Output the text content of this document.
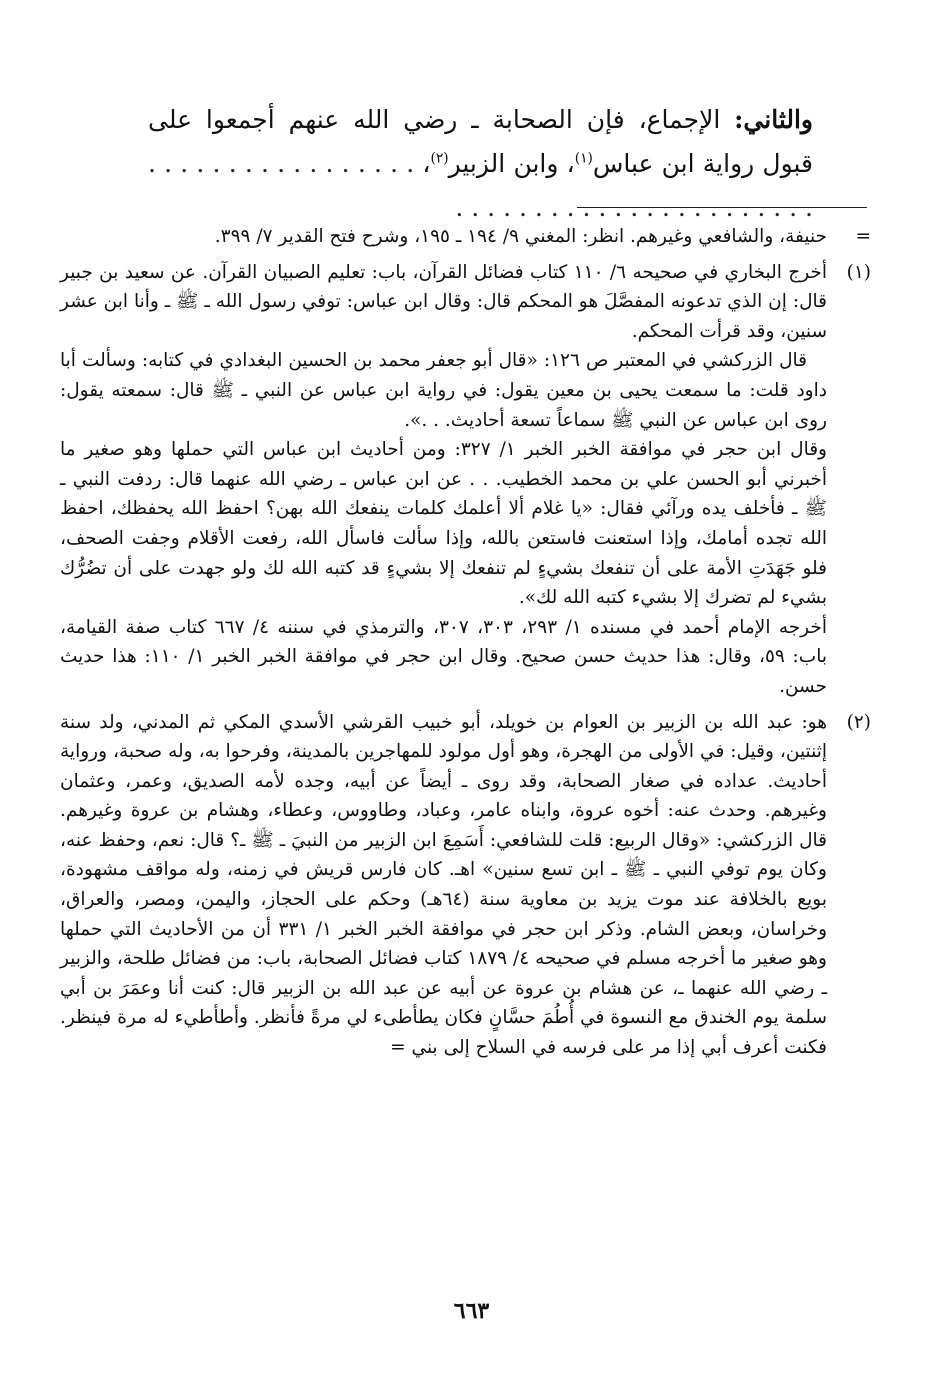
والثاني: الإجماع، فإن الصحابة ـ رضي الله عنهم أجمعوا على قبول رواية ابن عباس$^{(١)}$، وابن الزبير$^{(٢)}$، . . . . . . . . . . . . . . . . . . . . . . . . . . . . . . . . . . . . . . . .
=

حنيفة، والشافعي وغيرهم. انظر: المغني ٩/ ١٩٤ ـ ١٩٥، وشرح فتح القدير ٧/ ٣٩٩.

(١)

أخرج البخاري في صحيحه ٦/ ١١٠ كتاب فضائل القرآن، باب: تعليم الصبيان القرآن. عن سعيد بن جبير قال: إن الذي تدعونه المفصَّلَ هو المحكم قال: وقال ابن عباس: توفي رسول الله ـ ﷺ ـ وأنا ابن عشر سنين، وقد قرأت المحكم.

قال الزركشي في المعتبر ص ١٢٦: «قال أبو جعفر محمد بن الحسين البغدادي في كتابه: وسألت أبا داود قلت: ما سمعت يحيى بن معين يقول: في رواية ابن عباس عن النبي ـ ﷺ قال: سمعته يقول: روى ابن عباس عن النبي ﷺ سماعاً تسعة أحاديث. . .».

وقال ابن حجر في موافقة الخبر الخبر ١/ ٣٢٧: ومن أحاديث ابن عباس التي حملها وهو صغير ما أخبرني أبو الحسن علي بن محمد الخطيب. . . عن ابن عباس ـ رضي الله عنهما قال: ردفت النبي ـ ﷺ ـ فأخلف يده ورآئي فقال: «يا غلام ألا أعلمك كلمات ينفعك الله بهن؟ احفظ الله يحفظك، احفظ الله تجده أمامك، وإذا استعنت فاستعن بالله، وإذا سألت فاسأل الله، رفعت الأقلام وجفت الصحف، فلو جَهَدَتِ الأمة على أن تنفعك بشيءٍ لم تنفعك إلا بشيءٍ قد كتبه الله لك ولو جهدت على أن تضُرُّك بشيء لم تضرك إلا بشيء كتبه الله لك».

أخرجه الإمام أحمد في مسنده ١/ ٢٩٣، ٣٠٣، ٣٠٧، والترمذي في سننه ٤/ ٦٦٧ كتاب صفة القيامة، باب: ٥٩، وقال: هذا حديث حسن صحيح. وقال ابن حجر في موافقة الخبر الخبر ١/ ١١٠: هذا حديث حسن.

(٢)

هو: عبد الله بن الزبير بن العوام بن خويلد، أبو خبيب القرشي الأسدي المكي ثم المدني، ولد سنة إثنتين، وقيل: في الأولى من الهجرة، وهو أول مولود للمهاجرين بالمدينة، وفرحوا به، وله صحبة، ورواية أحاديث. عداده في صغار الصحابة، وقد روى ـ أيضاً عن أبيه، وجده لأمه الصديق، وعمر، وعثمان وغيرهم. وحدث عنه: أخوه عروة، وابناه عامر، وعباد، وطاووس، وعطاء، وهشام بن عروة وغيرهم. قال الزركشي: «وقال الربيع: قلت للشافعي: أَسَمِعَ ابن الزبير من النبيَ ـ ﷺ ـ؟ قال: نعم، وحفظ عنه، وكان يوم توفي النبي ـ ﷺ ـ ابن تسع سنين» اهـ. كان فارس قريش في زمنه، وله مواقف مشهودة، بويع بالخلافة عند موت يزيد بن معاوية سنة (٦٤هـ) وحكم على الحجاز، واليمن، ومصر، والعراق، وخراسان، وبعض الشام. وذكر ابن حجر في موافقة الخبر الخبر ١/ ٣٣١ أن من الأحاديث التي حملها وهو صغير ما أخرجه مسلم في صحيحه ٤/ ١٨٧٩ كتاب فضائل الصحابة، باب: من فضائل طلحة، والزبير ـ رضي الله عنهما ـ، عن هشام بن عروة عن أبيه عن عبد الله بن الزبير قال: كنت أنا وعمَرَ بن أبي سلمة يوم الخندق مع النسوة في أُطُمَ حسَّانٍ فكان يطأطىء لي مرةً فأنظر. وأطأطيء له مرة فينظر. فكنت أعرف أبي إذا مر على فرسه في السلاح إلى بني =

٦٦٣
